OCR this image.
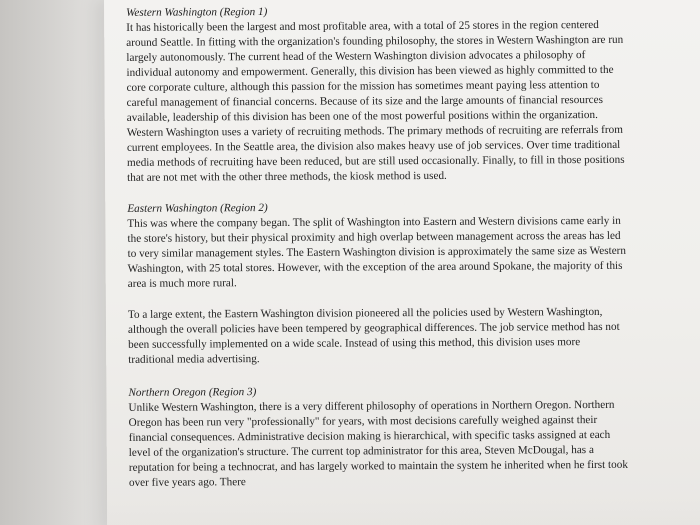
Western Washington (Region 1)

It has historically been the largest and most profitable area, with a total of 25 stores in the region centered around Seattle. In fitting with the organization's founding philosophy, the stores in Western Washington are run largely autonomously. The current head of the Western Washington division advocates a philosophy of individual autonomy and empowerment. Generally, this division has been viewed as highly committed to the core corporate culture, although this passion for the mission has sometimes meant paying less attention to careful management of financial concerns. Because of its size and the large amounts of financial resources available, leadership of this division has been one of the most powerful positions within the organization.

Western Washington uses a variety of recruiting methods. The primary methods of recruiting are referrals from current employees. In the Seattle area, the division also makes heavy use of job services. Over time traditional media methods of recruiting have been reduced, but are still used occasionally. Finally, to fill in those positions that are not met with the other three methods, the kiosk method is used.

Eastern Washington (Region 2)

This was where the company began. The split of Washington into Eastern and Western divisions came early in the store's history, but their physical proximity and high overlap between management across the areas has led to very similar management styles. The Eastern Washington division is approximately the same size as Western Washington, with 25 total stores. However, with the exception of the area around Spokane, the majority of this area is much more rural.

To a large extent, the Eastern Washington division pioneered all the policies used by Western Washington, although the overall policies have been tempered by geographical differences. The job service method has not been successfully implemented on a wide scale. Instead of using this method, this division uses more traditional media advertising.

Northern Oregon (Region 3)

Unlike Western Washington, there is a very different philosophy of operations in Northern Oregon. Northern Oregon has been run very "professionally" for years, with most decisions carefully weighed against their financial consequences. Administrative decision making is hierarchical, with specific tasks assigned at each level of the organization's structure. The current top administrator for this area, Steven McDougal, has a reputation for being a technocrat, and has largely worked to maintain the system he inherited when he first took over five years ago. There
